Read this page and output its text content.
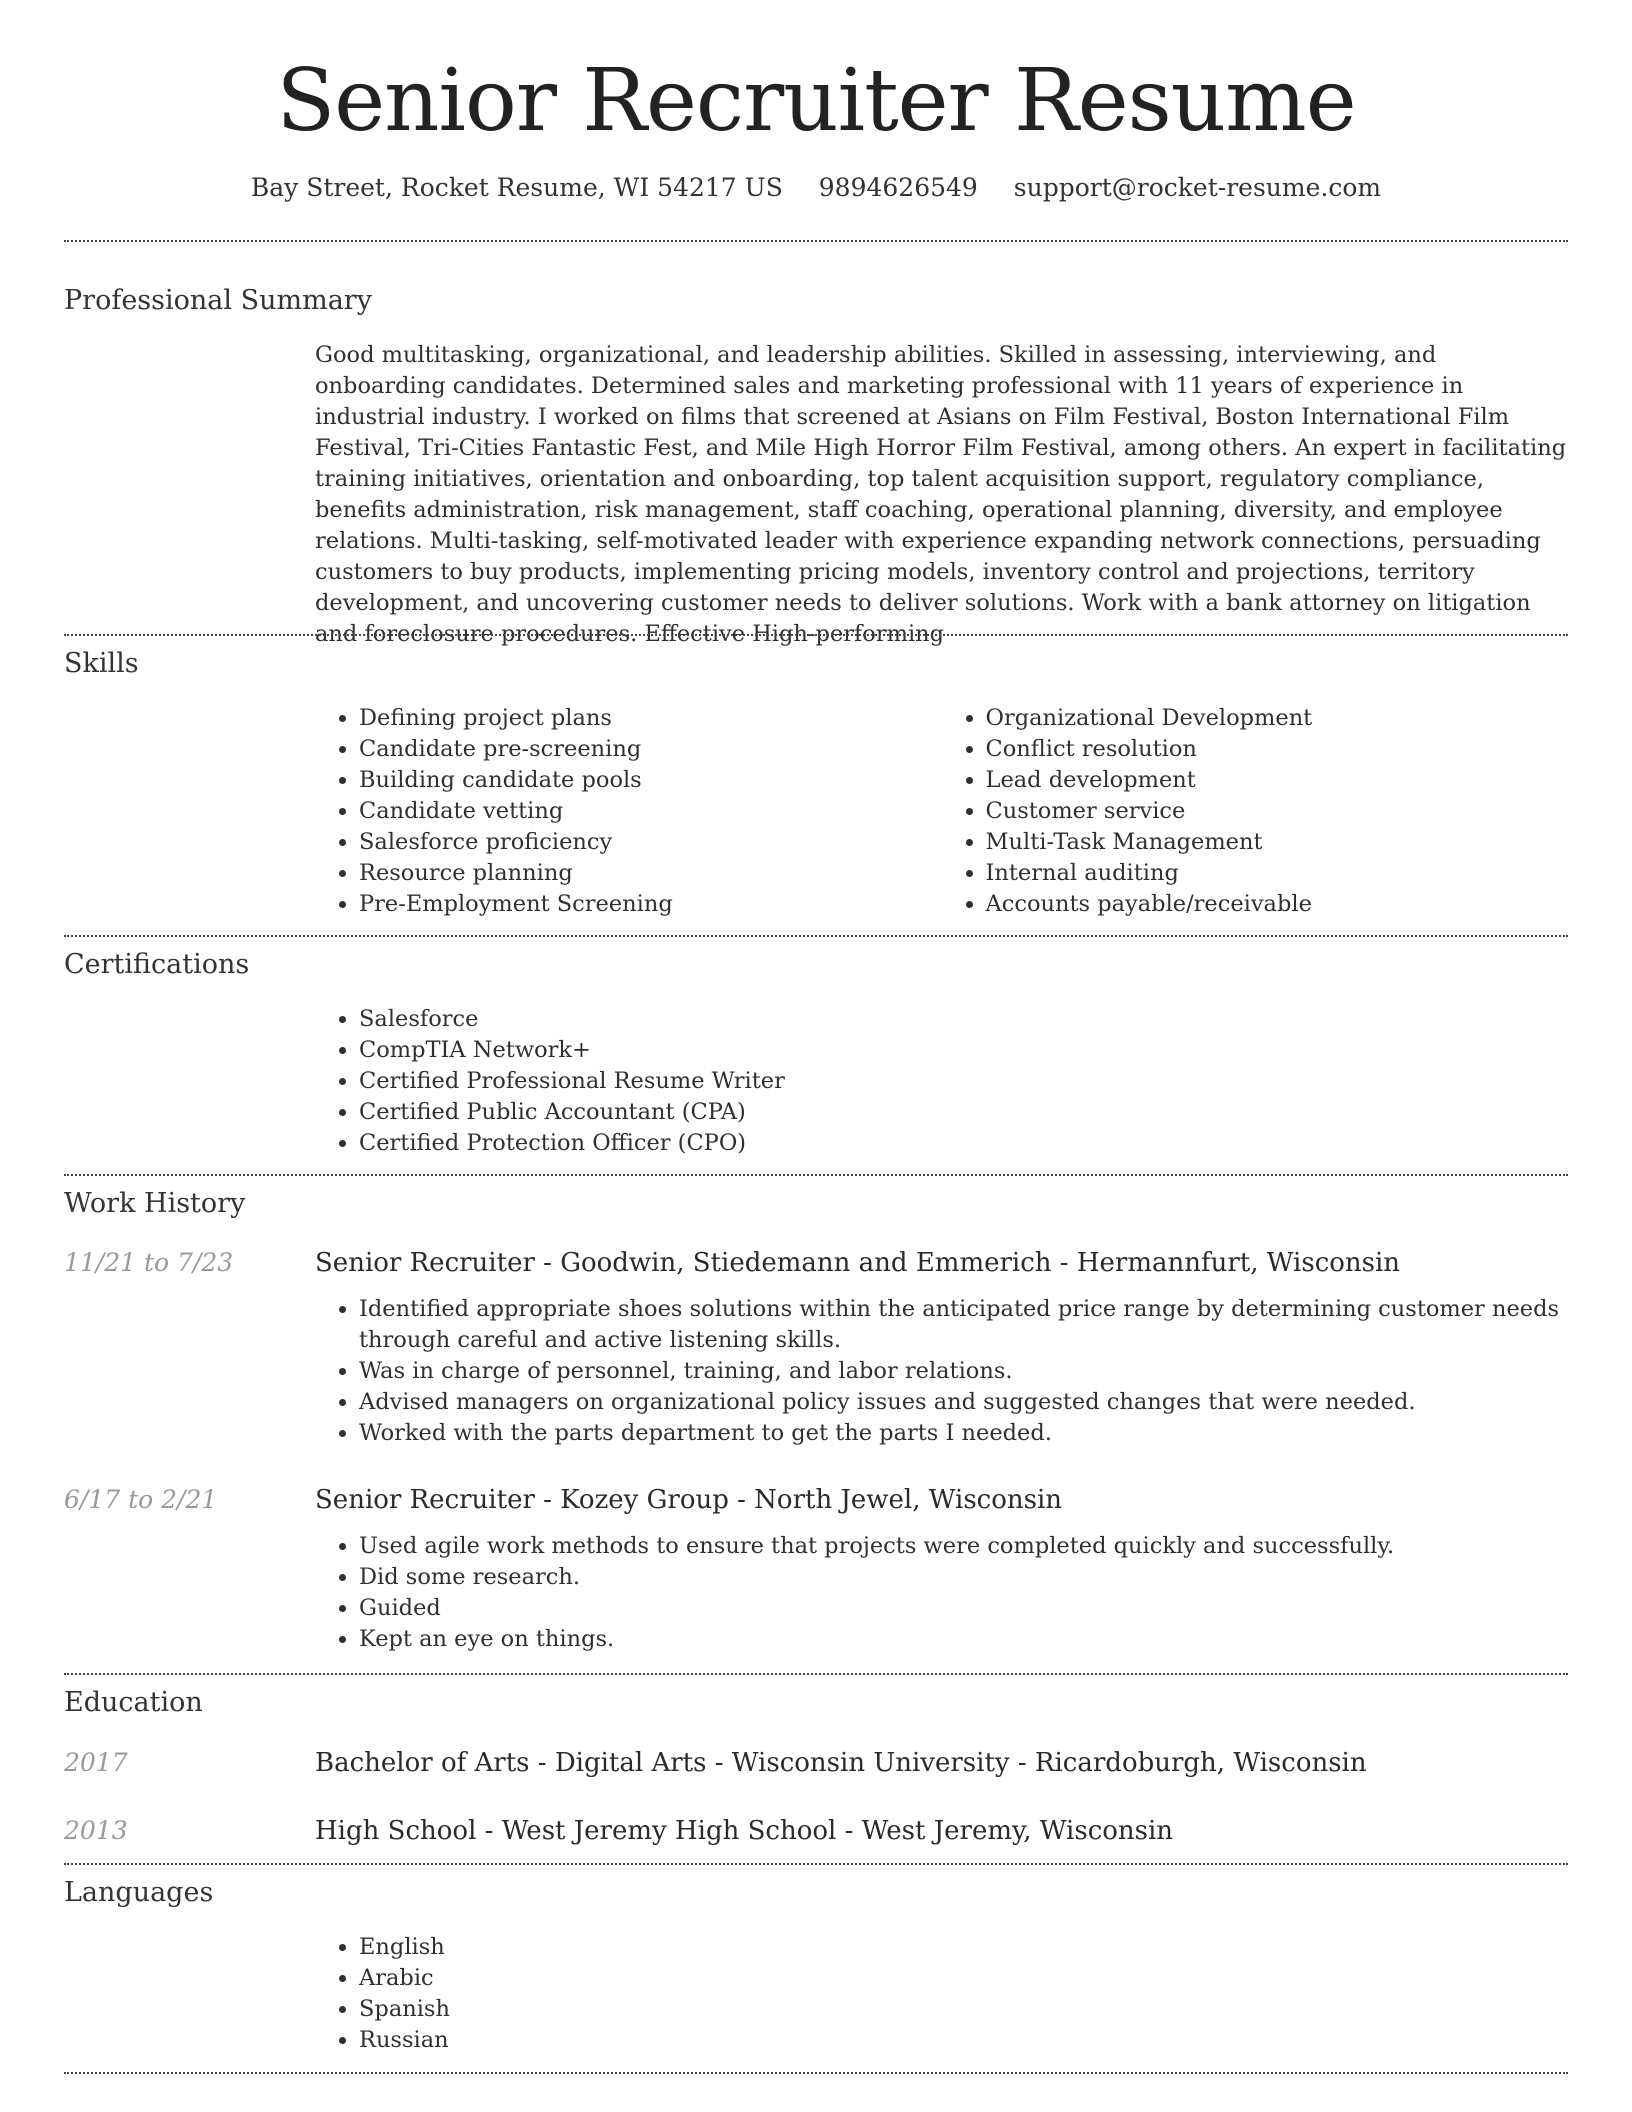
Senior Recruiter Resume
Bay Street, Rocket Resume, WI 54217 US 9894626549 support@rocket-resume.com
Professional Summary

Good multitasking, organizational, and leadership abilities. Skilled in assessing, interviewing, and onboarding candidates. Determined sales and marketing professional with 11 years of experience in industrial industry. I worked on films that screened at Asians on Film Festival, Boston International Film Festival, Tri-Cities Fantastic Fest, and Mile High Horror Film Festival, among others. An expert in facilitating training initiatives, orientation and onboarding, top talent acquisition support, regulatory compliance, benefits administration, risk management, staff coaching, operational planning, diversity, and employee relations. Multi-tasking, self-motivated leader with experience expanding network connections, persuading customers to buy products, implementing pricing models, inventory control and projections, territory development, and uncovering customer needs to deliver solutions. Work with a bank attorney on litigation and foreclosure procedures. Effective High-performing

Skills
• Defining project plans
• Candidate pre-screening
• Building candidate pools
• Candidate vetting
• Salesforce proficiency
• Resource planning
• Pre-Employment Screening
• Organizational Development
• Conflict resolution
• Lead development
• Customer service
• Multi-Task Management
• Internal auditing
• Accounts payable/receivable
Certifications
• Salesforce
• CompTIA Network+
• Certified Professional Resume Writer
• Certified Public Accountant (CPA)
• Certified Protection Officer (CPO)
Work History
11/21 to 7/23	Senior Recruiter - Goodwin, Stiedemann and Emmerich - Hermannfurt, Wisconsin

• Identified appropriate shoes solutions within the anticipated price range by determining customer needs through careful and active listening skills.
• Was in charge of personnel, training, and labor relations.
• Advised managers on organizational policy issues and suggested changes that were needed.
• Worked with the parts department to get the parts I needed.
6/17 to 2/21	Senior Recruiter - Kozey Group - North Jewel, Wisconsin

• Used agile work methods to ensure that projects were completed quickly and successfully.
• Did some research.
• Guided
• Kept an eye on things.
Education
2017	Bachelor of Arts - Digital Arts - Wisconsin University - Ricardoburgh, Wisconsin

2013	High School - West Jeremy High School - West Jeremy, Wisconsin

Languages
• English
• Arabic
• Spanish
• Russian
